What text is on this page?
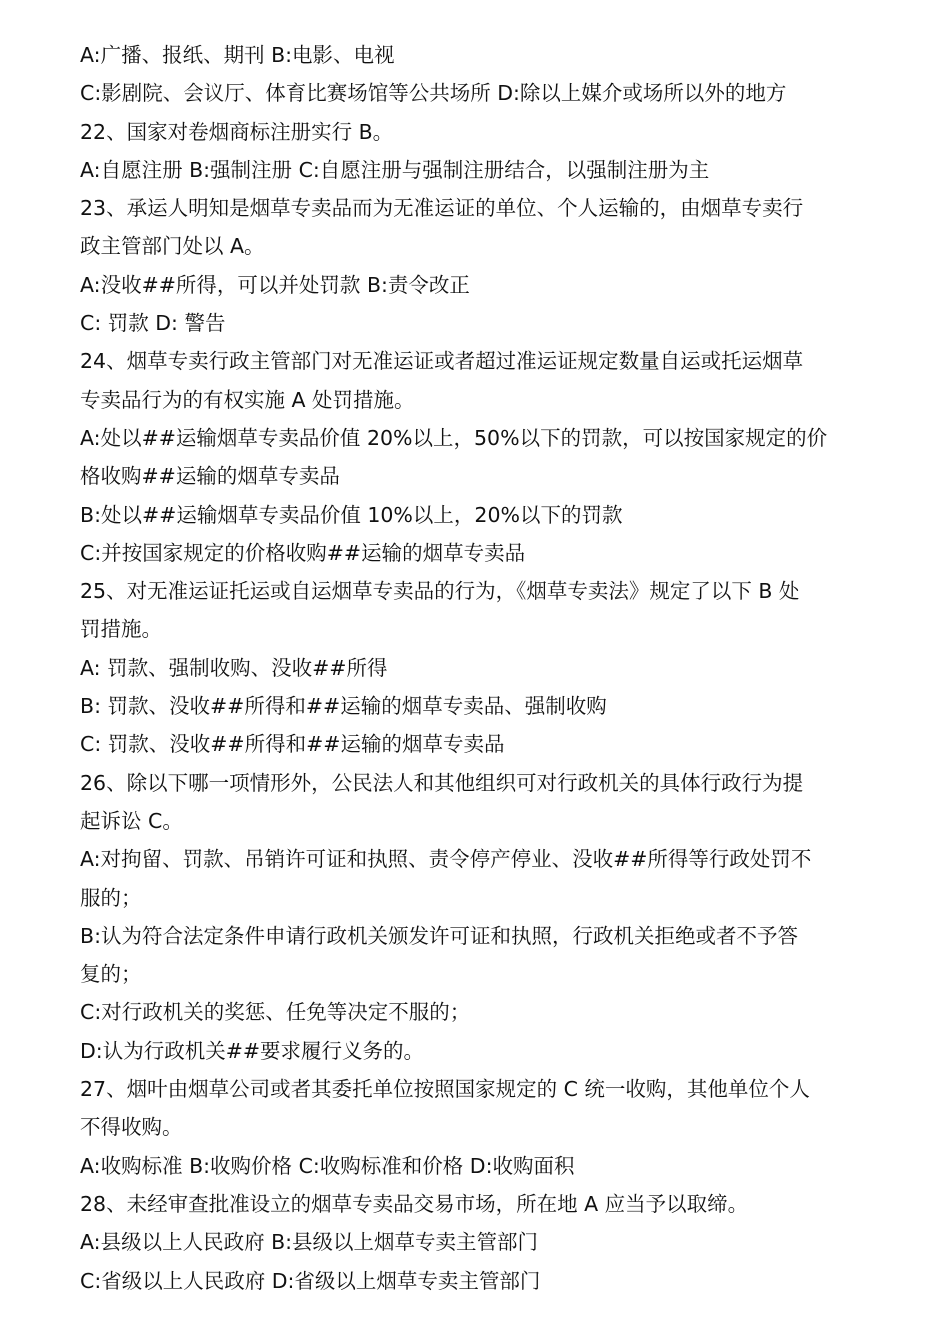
A:广播、报纸、期刊 B:电影、电视
C:影剧院、会议厅、体育比赛场馆等公共场所 D:除以上媒介或场所以外的地方
22、国家对卷烟商标注册实行 B。
A:自愿注册 B:强制注册 C:自愿注册与强制注册结合，以强制注册为主
23、承运人明知是烟草专卖品而为无准运证的单位、个人运输的，由烟草专卖行
政主管部门处以 A。
A:没收##所得，可以并处罚款 B:责令改正
C: 罚款 D: 警告
24、烟草专卖行政主管部门对无准运证或者超过准运证规定数量自运或托运烟草
专卖品行为的有权实施 A 处罚措施。
A:处以##运输烟草专卖品价值 20%以上，50%以下的罚款，可以按国家规定的价
格收购##运输的烟草专卖品
B:处以##运输烟草专卖品价值 10%以上，20%以下的罚款
C:并按国家规定的价格收购##运输的烟草专卖品
25、对无准运证托运或自运烟草专卖品的行为，《烟草专卖法》规定了以下 B 处
罚措施。
A: 罚款、强制收购、没收##所得
B: 罚款、没收##所得和##运输的烟草专卖品、强制收购
C: 罚款、没收##所得和##运输的烟草专卖品
26、除以下哪一项情形外，公民法人和其他组织可对行政机关的具体行政行为提
起诉讼 C。
A:对拘留、罚款、吊销许可证和执照、责令停产停业、没收##所得等行政处罚不
服的；
B:认为符合法定条件申请行政机关颁发许可证和执照，行政机关拒绝或者不予答
复的；
C:对行政机关的奖惩、任免等决定不服的；
D:认为行政机关##要求履行义务的。
27、烟叶由烟草公司或者其委托单位按照国家规定的 C 统一收购，其他单位个人
不得收购。
A:收购标准 B:收购价格 C:收购标准和价格 D:收购面积
28、未经审查批准设立的烟草专卖品交易市场，所在地 A 应当予以取缔。
A:县级以上人民政府 B:县级以上烟草专卖主管部门
C:省级以上人民政府 D:省级以上烟草专卖主管部门
